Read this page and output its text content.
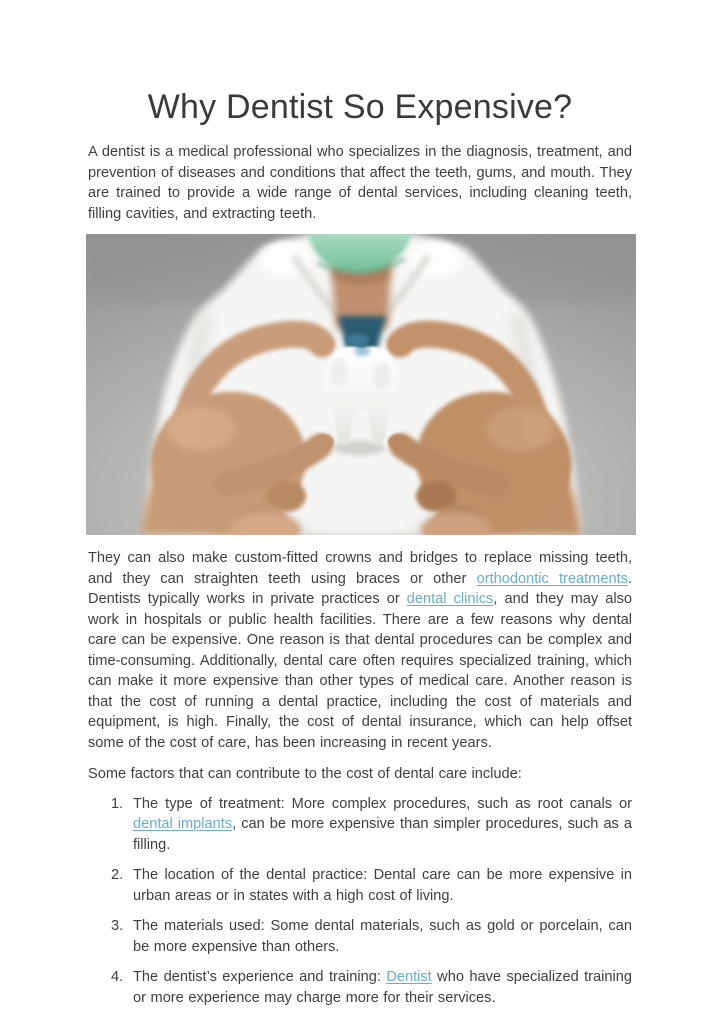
Why Dentist So Expensive?

A dentist is a medical professional who specializes in the diagnosis, treatment, and prevention of diseases and conditions that affect the teeth, gums, and mouth. They are trained to provide a wide range of dental services, including cleaning teeth, filling cavities, and extracting teeth.

They can also make custom-fitted crowns and bridges to replace missing teeth, and they can straighten teeth using braces or other orthodontic treatments. Dentists typically works in private practices or dental clinics, and they may also work in hospitals or public health facilities. There are a few reasons why dental care can be expensive. One reason is that dental procedures can be complex and time-consuming. Additionally, dental care often requires specialized training, which can make it more expensive than other types of medical care. Another reason is that the cost of running a dental practice, including the cost of materials and equipment, is high. Finally, the cost of dental insurance, which can help offset some of the cost of care, has been increasing in recent years.

Some factors that can contribute to the cost of dental care include:

1. The type of treatment: More complex procedures, such as root canals or dental implants, can be more expensive than simpler procedures, such as a filling.
2. The location of the dental practice: Dental care can be more expensive in urban areas or in states with a high cost of living.
3. The materials used: Some dental materials, such as gold or porcelain, can be more expensive than others.
4. The dentist’s experience and training: Dentist who have specialized training or more experience may charge more for their services.
